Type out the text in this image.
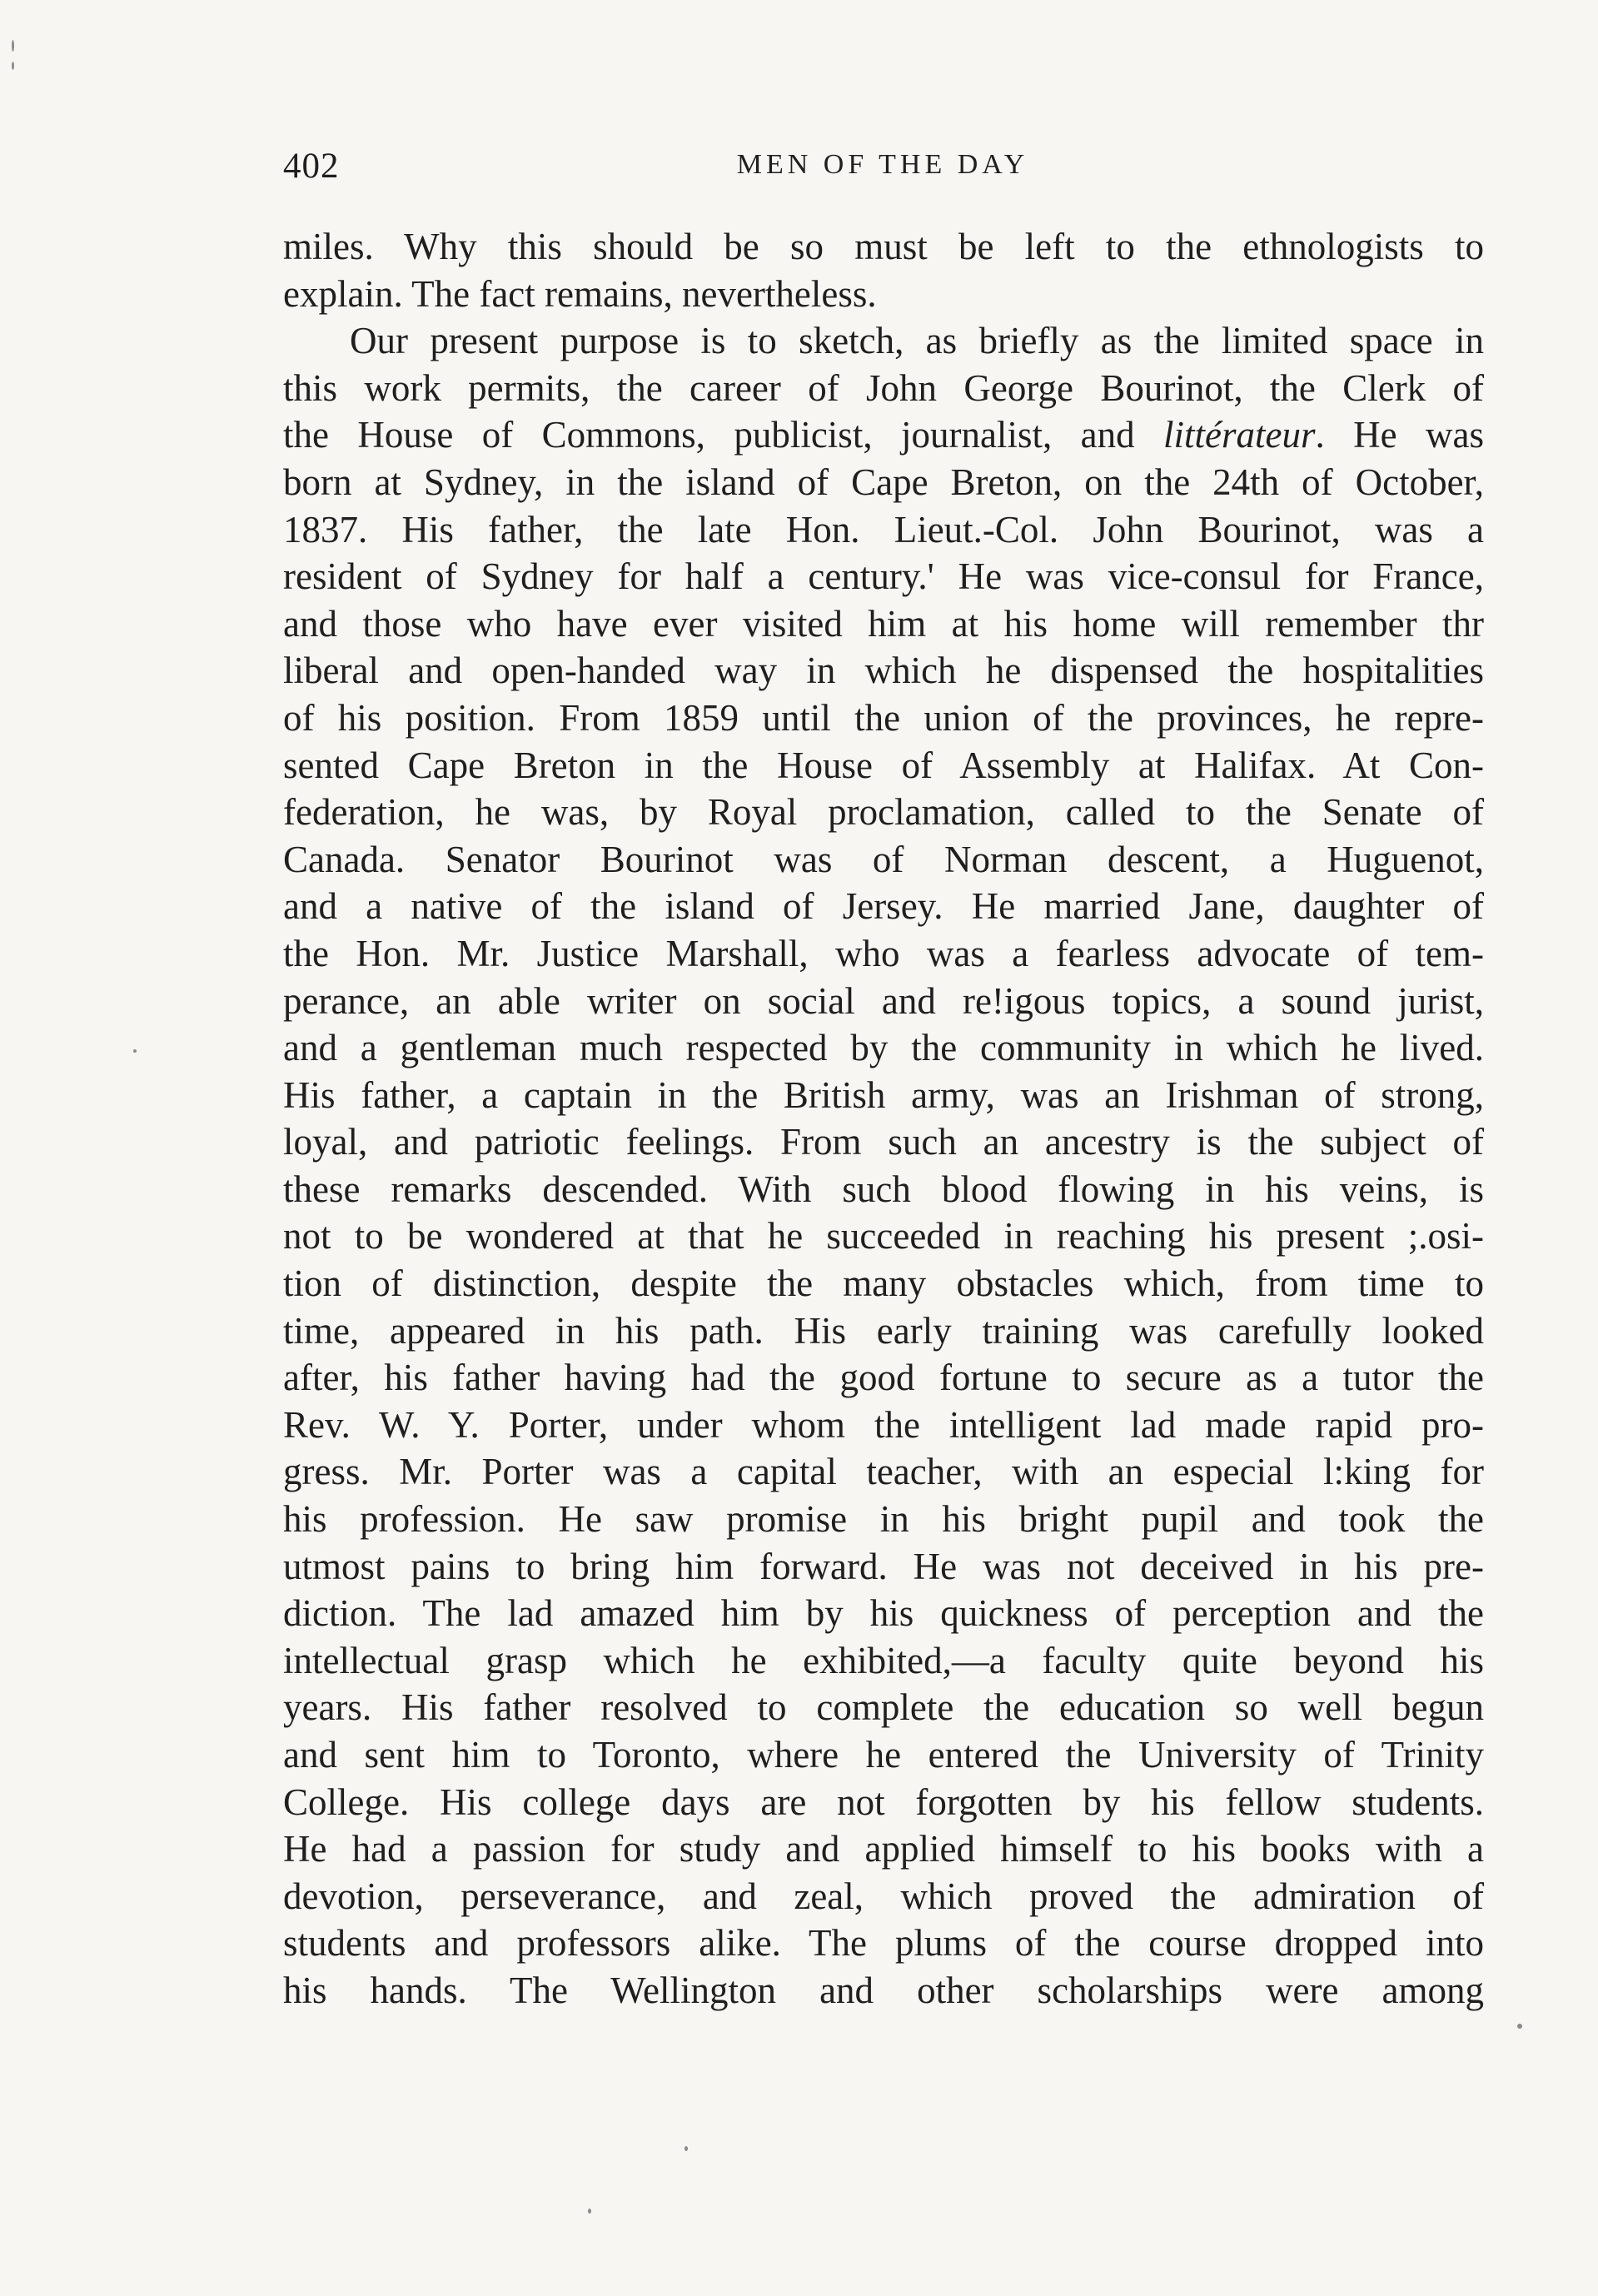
402	MEN OF THE DAY
miles. Why this should be so must be left to the ethnologists to
explain. The fact remains, nevertheless.
Our present purpose is to sketch, as briefly as the limited space in
this work permits, the career of John George Bourinot, the Clerk of
the House of Commons, publicist, journalist, and littérateur. He was
born at Sydney, in the island of Cape Breton, on the 24th of October,
1837. His father, the late Hon. Lieut.-Col. John Bourinot, was a
resident of Sydney for half a century.' He was vice-consul for France,
and those who have ever visited him at his home will remember thr
liberal and open-handed way in which he dispensed the hospitalities
of his position. From 1859 until the union of the provinces, he repre-
sented Cape Breton in the House of Assembly at Halifax. At Con-
federation, he was, by Royal proclamation, called to the Senate of
Canada. Senator Bourinot was of Norman descent, a Huguenot,
and a native of the island of Jersey. He married Jane, daughter of
the Hon. Mr. Justice Marshall, who was a fearless advocate of tem-
perance, an able writer on social and re!igous topics, a sound jurist,
and a gentleman much respected by the community in which he lived.
His father, a captain in the British army, was an Irishman of strong,
loyal, and patriotic feelings. From such an ancestry is the subject of
these remarks descended. With such blood flowing in his veins, is
not to be wondered at that he succeeded in reaching his present ;.osi-
tion of distinction, despite the many obstacles which, from time to
time, appeared in his path. His early training was carefully looked
after, his father having had the good fortune to secure as a tutor the
Rev. W. Y. Porter, under whom the intelligent lad made rapid pro-
gress. Mr. Porter was a capital teacher, with an especial l:king for
his profession. He saw promise in his bright pupil and took the
utmost pains to bring him forward. He was not deceived in his pre-
diction. The lad amazed him by his quickness of perception and the
intellectual grasp which he exhibited,—a faculty quite beyond his
years. His father resolved to complete the education so well begun
and sent him to Toronto, where he entered the University of Trinity
College. His college days are not forgotten by his fellow students.
He had a passion for study and applied himself to his books with a
devotion, perseverance, and zeal, which proved the admiration of
students and professors alike. The plums of the course dropped into
his hands. The Wellington and other scholarships were among
